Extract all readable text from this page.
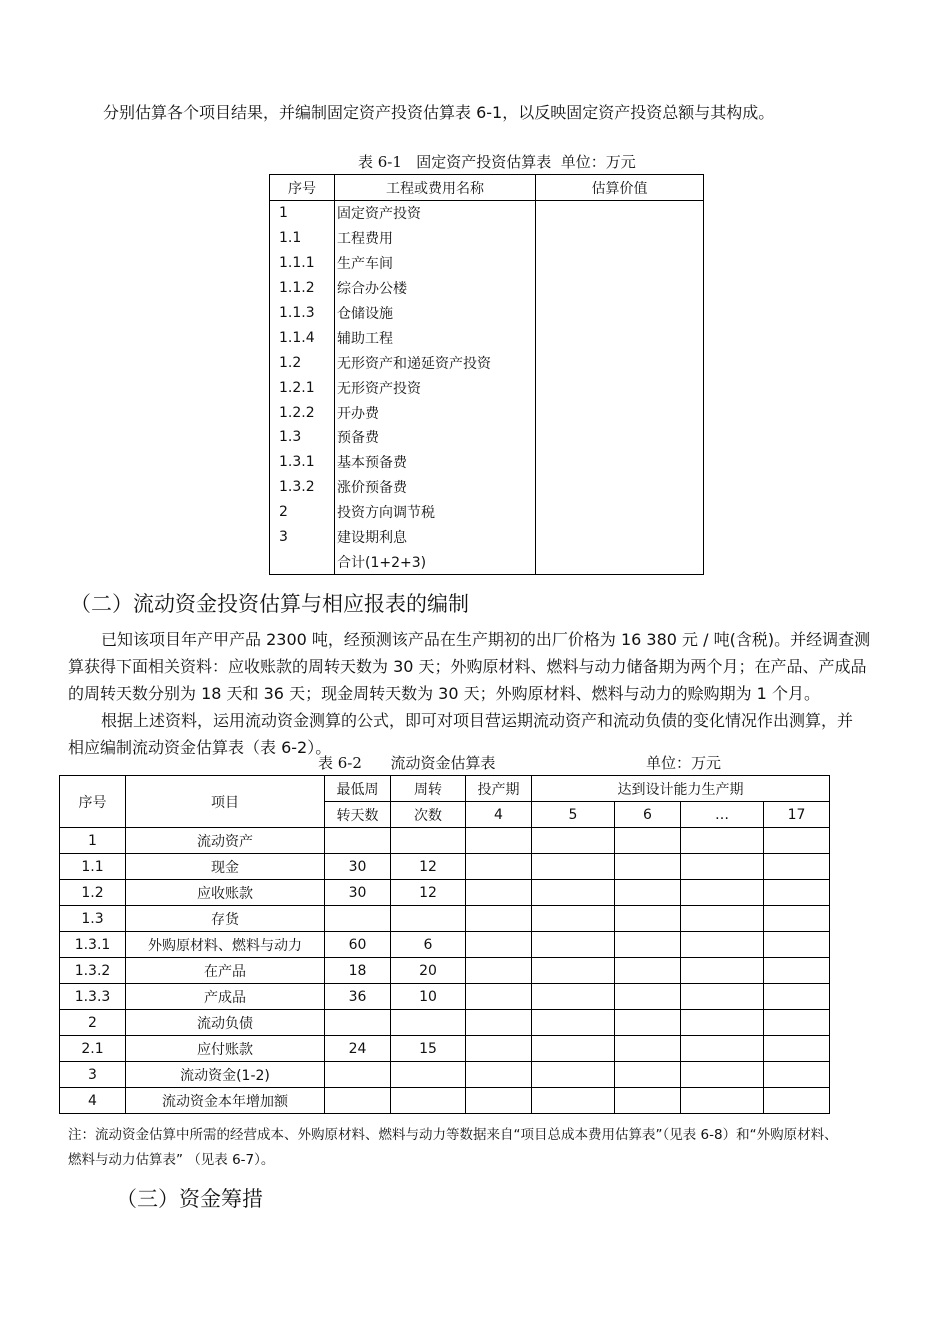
分别估算各个项目结果，并编制固定资产投资估算表 6-1，以反映固定资产投资总额与其构成。
表 6-1   固定资产投资估算表  单位：万元
序号	工程或费用名称	估算价值
1	固定资产投资	
1.1	工程费用	
1.1.1	生产车间	
1.1.2	综合办公楼	
1.1.3	仓储设施	
1.1.4	辅助工程	
1.2	无形资产和递延资产投资	
1.2.1	无形资产投资	
1.2.2	开办费	
1.3	预备费	
1.3.1	基本预备费	
1.3.2	涨价预备费	
2	投资方向调节税	
3	建设期利息	
	合计(1+2+3)	
（二）流动资金投资估算与相应报表的编制
已知该项目年产甲产品 2300 吨，经预测该产品在生产期初的出厂价格为 16 380 元 / 吨(含税)。并经调查测
算获得下面相关资料：应收账款的周转天数为 30 天；外购原材料、燃料与动力储备期为两个月；在产品、产成品
的周转天数分别为 18 天和 36 天；现金周转天数为 30 天；外购原材料、燃料与动力的赊购期为 1 个月。
根据上述资料，运用流动资金测算的公式，即可对项目营运期流动资产和流动负债的变化情况作出测算，并
相应编制流动资金估算表（表 6-2）。
表 6-2      流动资金估算表	单位：万元
序号	项目	最低周	周转	投产期	达到设计能力生产期			
		转天数	次数	4	5	6	…	17
1	流动资产							
1.1	现金	30	12					
1.2	应收账款	30	12					
1.3	存货							
1.3.1	外购原材料、燃料与动力	60	6					
1.3.2	在产品	18	20					
1.3.3	产成品	36	10					
2	流动负债							
2.1	应付账款	24	15					
3	流动资金(1-2)							
4	流动资金本年增加额							
注：流动资金估算中所需的经营成本、外购原材料、燃料与动力等数据来自“项目总成本费用估算表”（见表 6-8）和“外购原材料、
燃料与动力估算表” （见表 6-7）。
（三）资金筹措
